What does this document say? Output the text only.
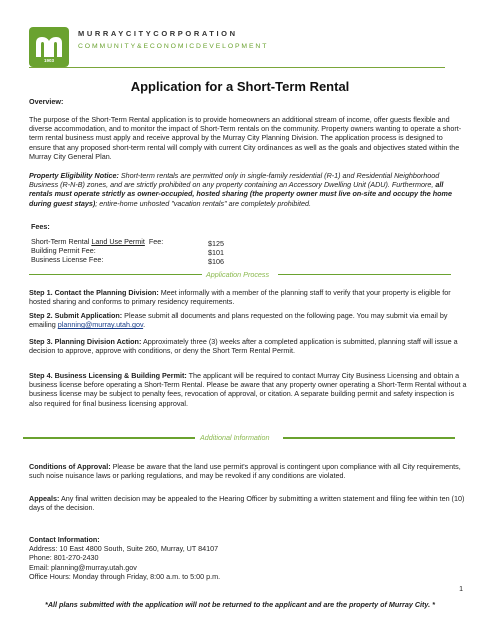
1903
MURRAYCITYCORPORATION
COMMUNITY&ECONOMICDEVELOPMENT
Application for a Short-Term Rental
Overview:
The purpose of the Short-Term Rental application is to provide homeowners an additional stream of income, offer guests flexible and diverse accommodation, and to monitor the impact of Short-Term rentals on the community. Property owners wanting to operate a short-term rental business must apply and receive approval by the Murray City Planning Division. The application process is designed to ensure that any proposed short-term rental will comply with current City ordinances as well as the goals and objectives stated within the Murray City General Plan.
Property Eligibility Notice: Short-term rentals are permitted only in single-family residential (R-1) and Residential Neighborhood Business (R-N-B) zones, and are strictly prohibited on any property containing an Accessory Dwelling Unit (ADU). Furthermore, all rentals must operate strictly as owner-occupied, hosted sharing (the property owner must live on-site and occupy the home during guest stays); entire-home unhosted "vacation rentals" are completely prohibited.
Fees:
Short-Term Rental Land Use Permit  Fee:
Building Permit Fee:
Business License Fee:
$125
$101
$106
Application Process
Step 1. Contact the Planning Division: Meet informally with a member of the planning staff to verify that your property is eligible for hosted sharing and conforms to primary residency requirements.
Step 2. Submit Application: Please submit all documents and plans requested on the following page. You may submit via email by emailing planning@murray.utah.gov.
Step 3. Planning Division Action: Approximately three (3) weeks after a completed application is submitted, planning staff will issue a decision to approve, approve with conditions, or deny the Short Term Rental Permit.
Step 4. Business Licensing & Building Permit: The applicant will be required to contact Murray City Business Licensing and obtain a business license before operating a Short-Term Rental. Please be aware that any property owner operating a Short-Term Rental without a business license may be subject to penalty fees, revocation of approval, or citation. A separate building permit and safety inspection is also required for final business licensing approval.
Additional Information
Conditions of Approval: Please be aware that the land use permit's approval is contingent upon compliance with all City requirements, such noise nuisance laws or parking regulations, and may be revoked if any conditions are violated.
Appeals: Any final written decision may be appealed to the Hearing Officer by submitting a written statement and filing fee within ten (10) days of the decision.
Contact Information:
Address: 10 East 4800 South, Suite 260, Murray, UT 84107
Phone: 801-270-2430
Email: planning@murray.utah.gov
Office Hours: Monday through Friday, 8:00 a.m. to 5:00 p.m.
1
*All plans submitted with the application will not be returned to the applicant and are the property of Murray City. *
